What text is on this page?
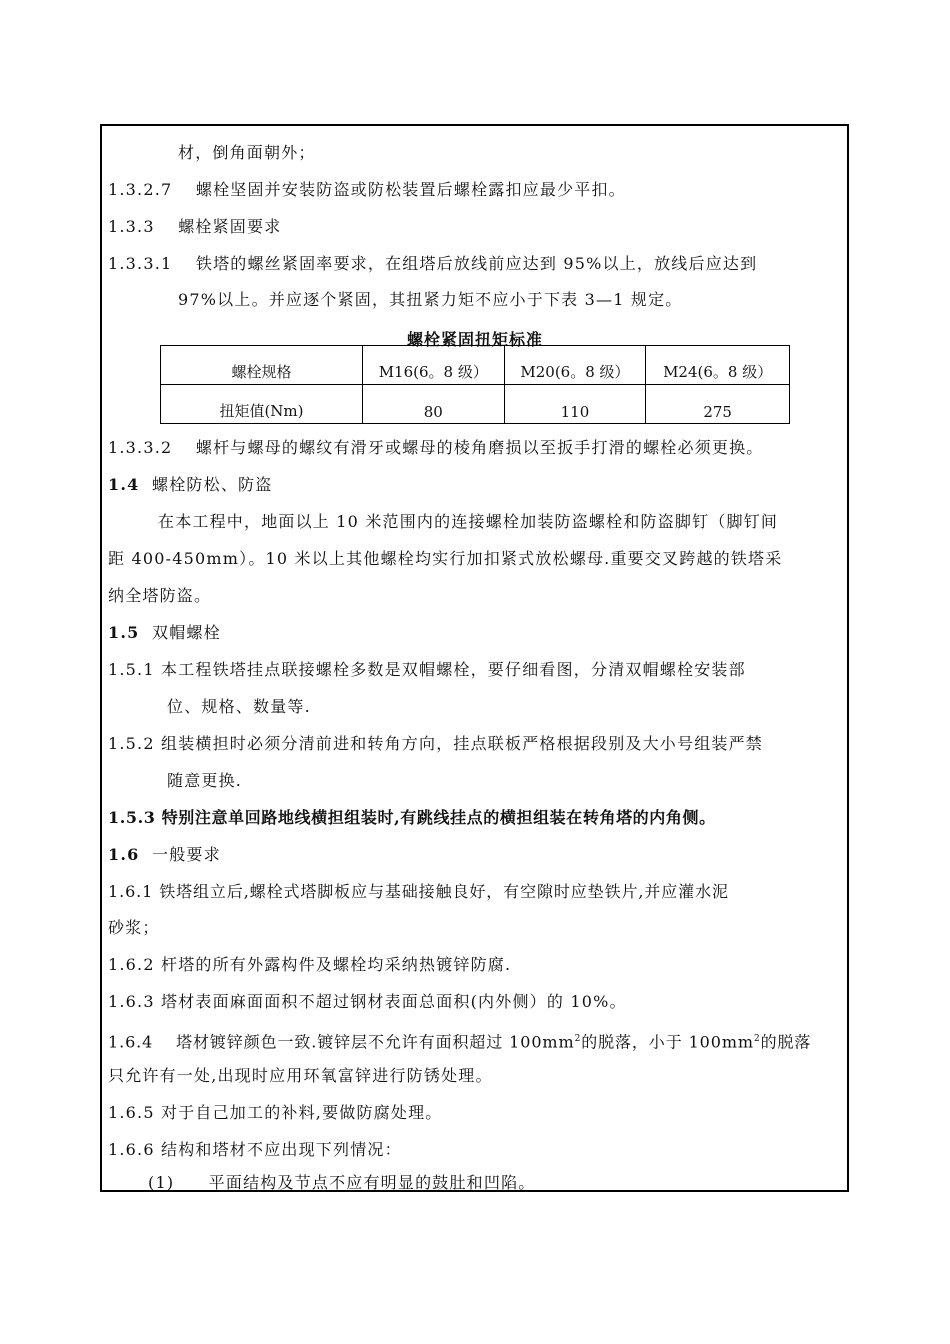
材，倒角面朝外；
1.3.2.7　 螺栓坚固并安装防盗或防松装置后螺栓露扣应最少平扣。
1.3.3　 螺栓紧固要求
1.3.3.1　 铁塔的螺丝紧固率要求，在组塔后放线前应达到 95%以上，放线后应达到
97%以上。并应逐个紧固，其扭紧力矩不应小于下表 3—1 规定。
螺栓紧固扭矩标准
螺栓规格	M16(6。8 级）	M20(6。8 级）	M24(6。8 级）
扭矩值(Nm)	80	110	275
1.3.3.2　 螺杆与螺母的螺纹有滑牙或螺母的棱角磨损以至扳手打滑的螺栓必须更换。
1.4 螺栓防松、防盗
在本工程中，地面以上 10 米范围内的连接螺栓加装防盗螺栓和防盗脚钉（脚钉间
距 400-450mm）。10 米以上其他螺栓均实行加扣紧式放松螺母.重要交叉跨越的铁塔采
纳全塔防盗。
1.5 双帽螺栓
1.5.1 本工程铁塔挂点联接螺栓多数是双帽螺栓，要仔细看图，分清双帽螺栓安装部
位、规格、数量等.
1.5.2 组装横担时必须分清前进和转角方向，挂点联板严格根据段别及大小号组装严禁
随意更换.
1.5.3 特别注意单回路地线横担组装时,有跳线挂点的横担组装在转角塔的内角侧。
1.6 一般要求
1.6.1 铁塔组立后,螺栓式塔脚板应与基础接触良好，有空隙时应垫铁片,并应灌水泥
砂浆；
1.6.2 杆塔的所有外露构件及螺栓均采纳热镀锌防腐.
1.6.3 塔材表面麻面面积不超过钢材表面总面积(内外侧）的 10%。
1.6.4　 塔材镀锌颜色一致.镀锌层不允许有面积超过 $100mm^2$的脱落，小于 $100mm^2$的脱落
只允许有一处,出现时应用环氧富锌进行防锈处理。
1.6.5 对于自己加工的补料,要做防腐处理。
1.6.6 结构和塔材不应出现下列情况：
(1)　　平面结构及节点不应有明显的鼓肚和凹陷。
